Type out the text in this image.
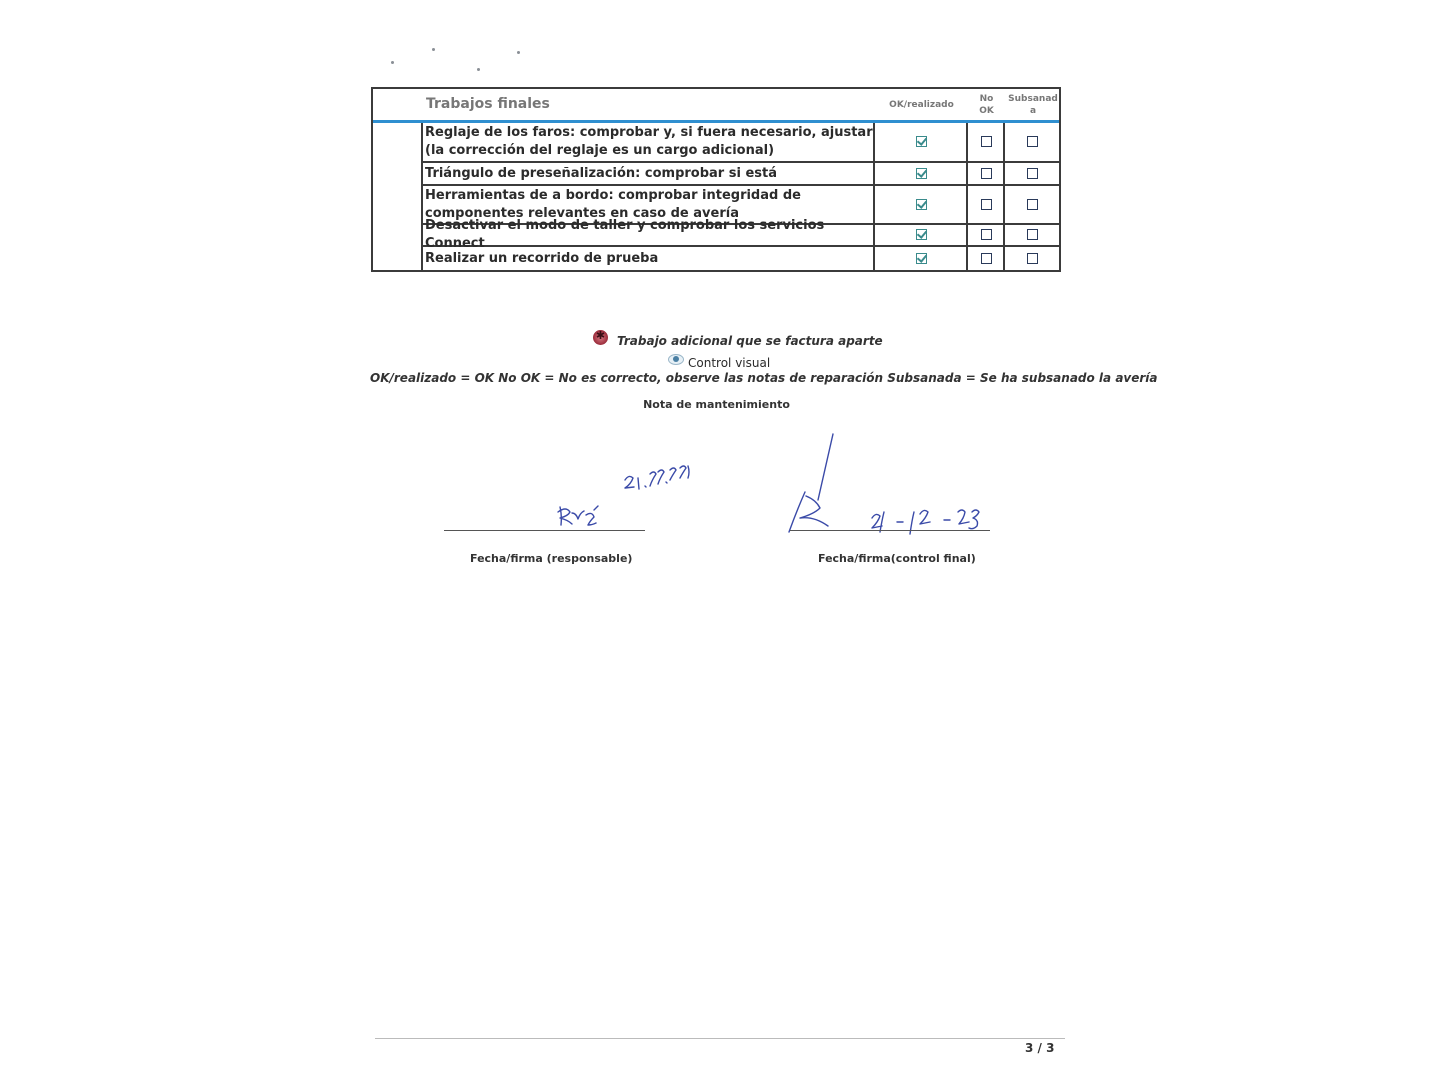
Trabajos finales	OK/realizado
No
OK
Subsanad
a
Reglaje de los faros: comprobar y, si fuera necesario, ajustar (la corrección del reglaje es un cargo adicional)
Triángulo de preseñalización: comprobar si está
Herramientas de a bordo: comprobar integridad de componentes relevantes en caso de avería
Desactivar el modo de taller y comprobar los servicios Connect
Realizar un recorrido de prueba
✱
Trabajo adicional que se factura aparte
Control visual
OK/realizado = OK No OK = No es correcto, observe las notas de reparación Subsanada = Se ha subsanado la avería
Nota de mantenimiento
Fecha/firma (responsable)	Fecha/firma(control final)
3 / 3
